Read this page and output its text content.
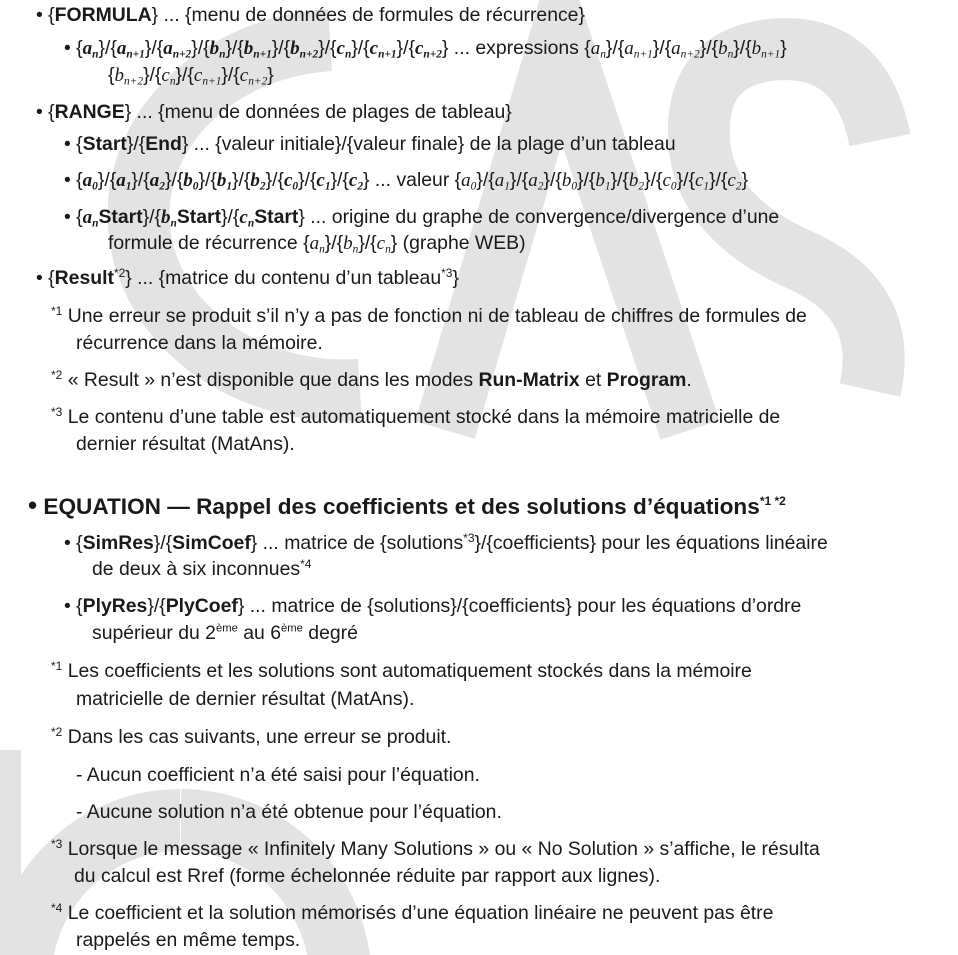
• {FORMULA} ... {menu de données de formules de récurrence}
• $\{a_n\}/\{a_{n+1}\}/\{a_{n+2}\}/\{b_n\}/\{b_{n+1}\}/\{b_{n+2}\}/\{c_n\}/\{c_{n+1}\}/\{c_{n+2}\}$ ... expressions $\{a_n\}/\{a_{n+1}\}/\{a_{n+2}\}/\{b_n\}/\{b_{n+1}\}$
$\{b_{n+2}\}/\{c_n\}/\{c_{n+1}\}/\{c_{n+2}\}$
• {RANGE} ... {menu de données de plages de tableau}
• {Start}/{End} ... {valeur initiale}/{valeur finale} de la plage d’un tableau
• $\{a_0\}/\{a_1\}/\{a_2\}/\{b_0\}/\{b_1\}/\{b_2\}/\{c_0\}/\{c_1\}/\{c_2\}$ ... valeur $\{a_0\}/\{a_1\}/\{a_2\}/\{b_0\}/\{b_1\}/\{b_2\}/\{c_0\}/\{c_1\}/\{c_2\}$
• $\{a_nStart\}/\{b_nStart\}/\{c_nStart\}$ ... origine du graphe de convergence/divergence d’une
formule de récurrence $\{a_n\}/\{b_n\}/\{c_n\}$ (graphe WEB)
• {Result$^{*2}$} ... {matrice du contenu d’un tableau$^{*3}$}
$^{*1}$ Une erreur se produit s’il n’y a pas de fonction ni de tableau de chiffres de formules de
récurrence dans la mémoire.
$^{*2}$ « Result » n’est disponible que dans les modes Run-Matrix et Program.
$^{*3}$ Le contenu d’une table est automatiquement stocké dans la mémoire matricielle de
dernier résultat (MatAns).
• EQUATION — Rappel des coefficients et des solutions d’équations$^{*1 *2}$
• {SimRes}/{SimCoef} ... matrice de {solutions$^{*3}$}/{coefficients} pour les équations linéaire
de deux à six inconnues$^{*4}$
• {PlyRes}/{PlyCoef} ... matrice de {solutions}/{coefficients} pour les équations d’ordre
supérieur du 2ème au 6ème degré
$^{*1}$ Les coefficients et les solutions sont automatiquement stockés dans la mémoire
matricielle de dernier résultat (MatAns).
$^{*2}$ Dans les cas suivants, une erreur se produit.
- Aucun coefficient n’a été saisi pour l’équation.
- Aucune solution n’a été obtenue pour l’équation.
$^{*3}$ Lorsque le message « Infinitely Many Solutions » ou « No Solution » s’affiche, le résulta
du calcul est Rref (forme échelonnée réduite par rapport aux lignes).
$^{*4}$ Le coefficient et la solution mémorisés d’une équation linéaire ne peuvent pas être
rappelés en même temps.
